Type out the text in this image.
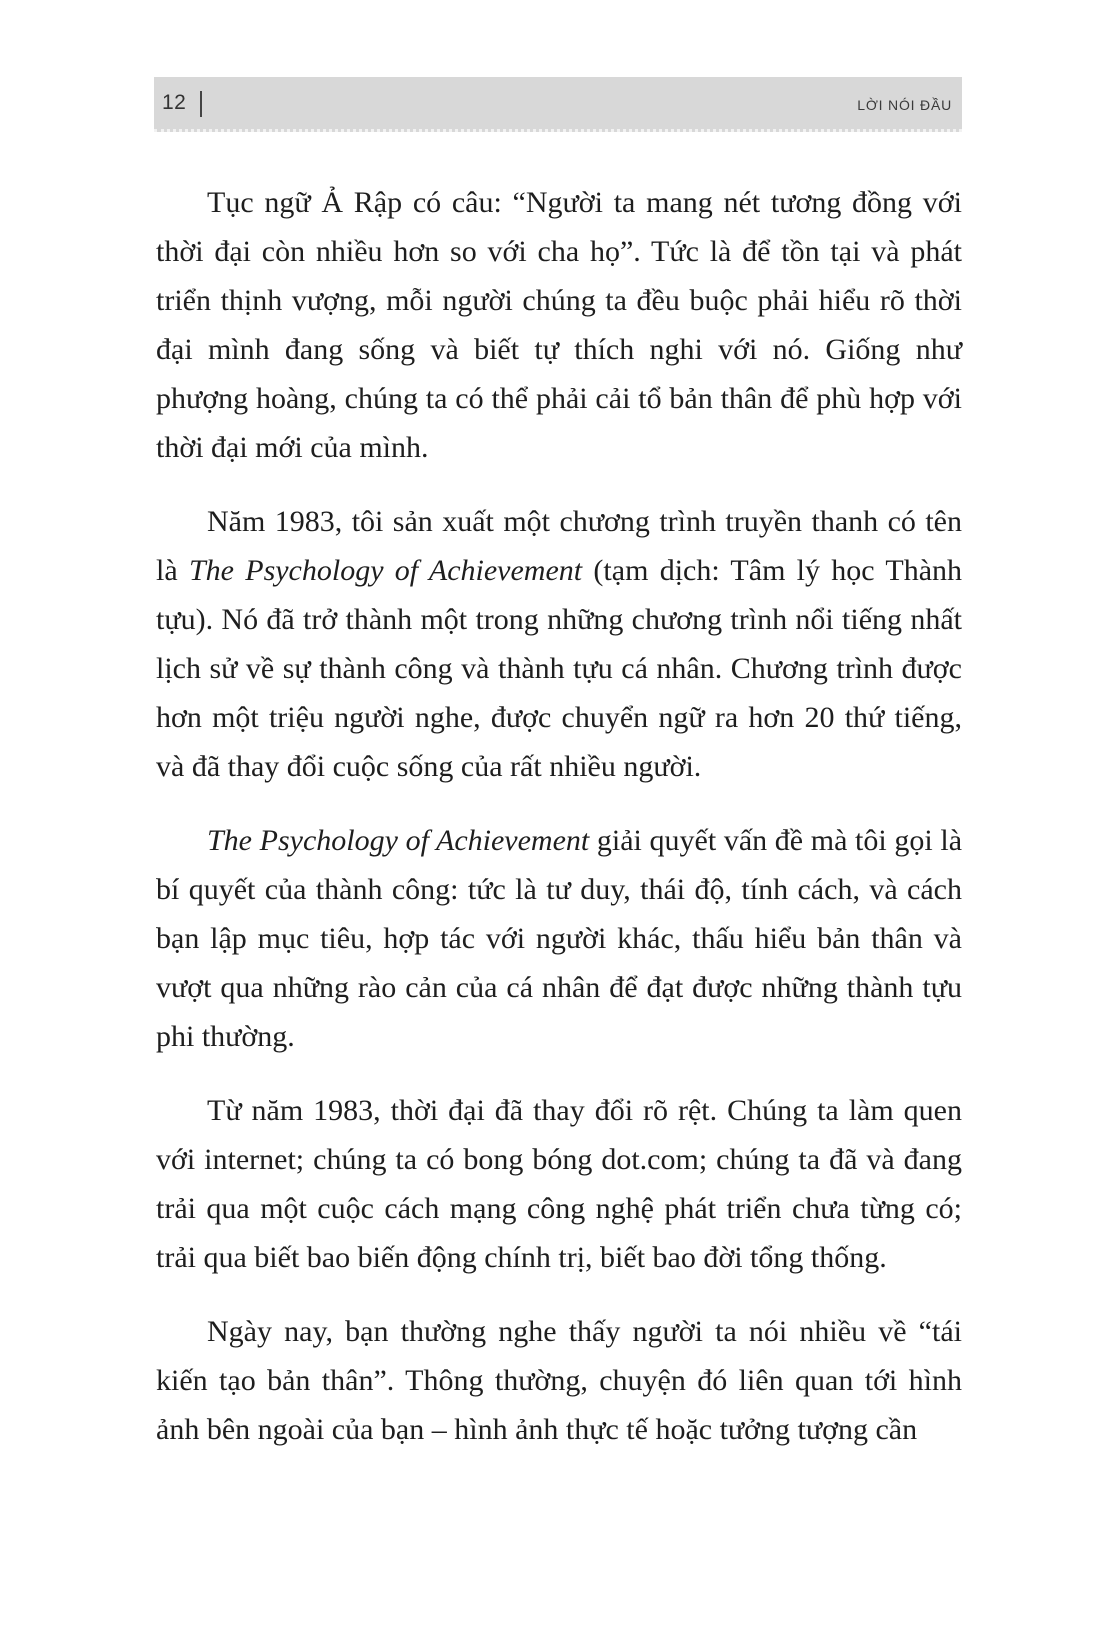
12	LỜI NÓI ĐẦU

Tục ngữ Ả Rập có câu: “Người ta mang nét tương đồng với thời đại còn nhiều hơn so với cha họ”. Tức là để tồn tại và phát triển thịnh vượng, mỗi người chúng ta đều buộc phải hiểu rõ thời đại mình đang sống và biết tự thích nghi với nó. Giống như phượng hoàng, chúng ta có thể phải cải tổ bản thân để phù hợp với thời đại mới của mình.

Năm 1983, tôi sản xuất một chương trình truyền thanh có tên là The Psychology of Achievement (tạm dịch: Tâm lý học Thành tựu). Nó đã trở thành một trong những chương trình nổi tiếng nhất lịch sử về sự thành công và thành tựu cá nhân. Chương trình được hơn một triệu người nghe, được chuyển ngữ ra hơn 20 thứ tiếng, và đã thay đổi cuộc sống của rất nhiều người.

The Psychology of Achievement giải quyết vấn đề mà tôi gọi là bí quyết của thành công: tức là tư duy, thái độ, tính cách, và cách bạn lập mục tiêu, hợp tác với người khác, thấu hiểu bản thân và vượt qua những rào cản của cá nhân để đạt được những thành tựu phi thường.

Từ năm 1983, thời đại đã thay đổi rõ rệt. Chúng ta làm quen với internet; chúng ta có bong bóng dot.com; chúng ta đã và đang trải qua một cuộc cách mạng công nghệ phát triển chưa từng có; trải qua biết bao biến động chính trị, biết bao đời tổng thống.

Ngày nay, bạn thường nghe thấy người ta nói nhiều về “tái kiến tạo bản thân”. Thông thường, chuyện đó liên quan tới hình ảnh bên ngoài của bạn – hình ảnh thực tế hoặc tưởng tượng cần
